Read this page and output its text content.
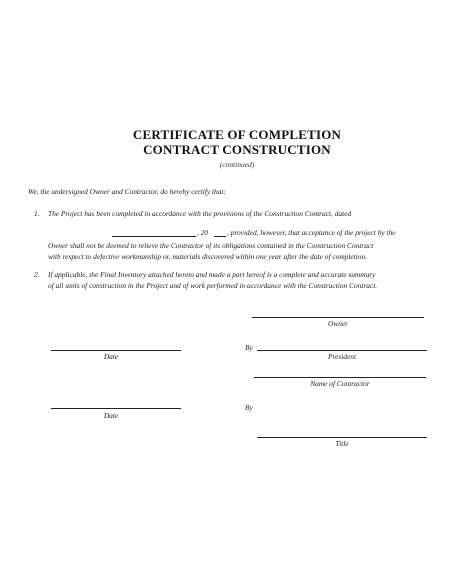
CERTIFICATE OF COMPLETION
CONTRACT CONSTRUCTION
(continued)
We, the undersigned Owner and Contractor, do hereby certify that:
1. The Project has been completed in accordance with the provisions of the Construction Contract, dated
, 20	, provided, however, that acceptance of the project by the
Owner shall not be deemed to relieve the Contractor of its obligations contained in the Construction Contract
with respect to defective workmanship or, materials discovered within one year after the date of completion.
2. If applicable, the Final Inventory attached hereto and made a part hereof is a complete and accurate summary
of all units of construction in the Project and of work performed in accordance with the Construction Contract.
Owner
Date
By
President
Name of Contractor
Date
By
Title
